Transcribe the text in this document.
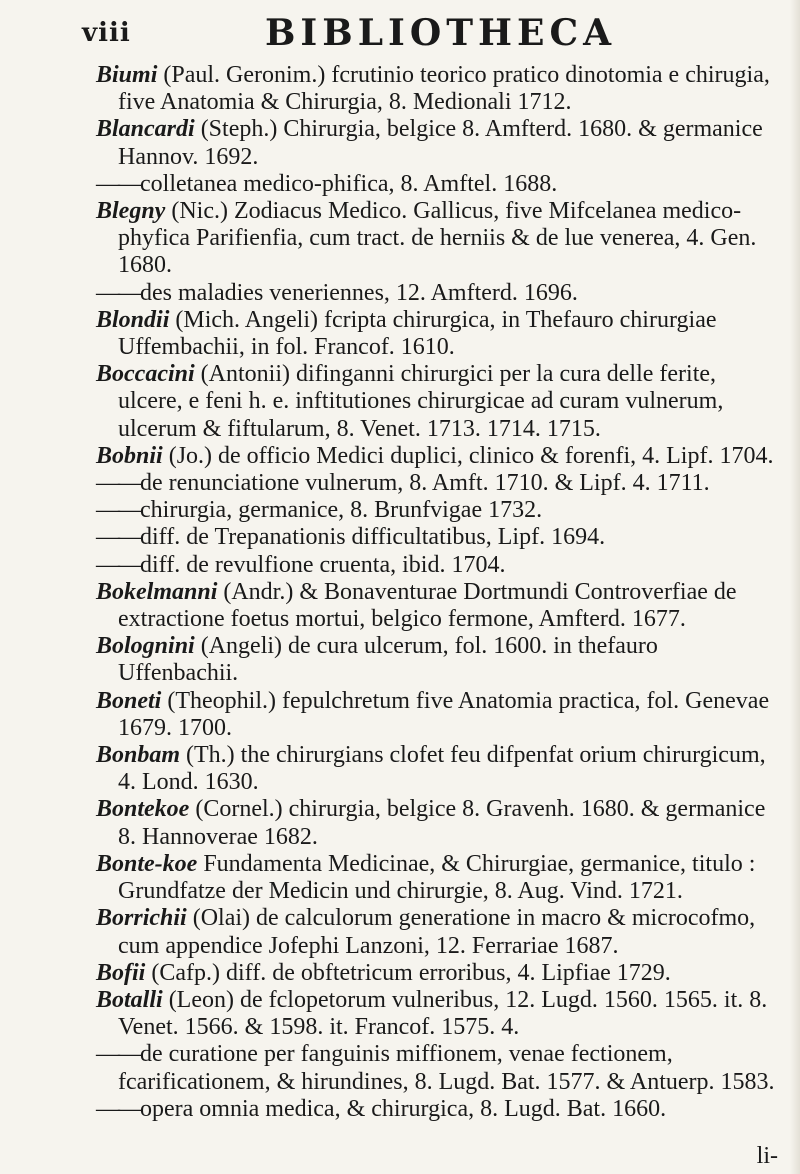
viii	BIBLIOTHECA
Biumi (Paul. Geronim.) fcrutinio teorico pratico dinotomia e chirugia, five Anatomia & Chirurgia, 8. Medionali 1712.
Blancardi (Steph.) Chirurgia, belgice 8. Amfterd. 1680. & germanice Hannov. 1692.
——colletanea medico-phifica, 8. Amftel. 1688.
Blegny (Nic.) Zodiacus Medico. Gallicus, five Mifcelanea medico-phyfica Parifienfia, cum tract. de herniis & de lue venerea, 4. Gen. 1680.
——des maladies veneriennes, 12. Amfterd. 1696.
Blondii (Mich. Angeli) fcripta chirurgica, in Thefauro chirurgiae Uffembachii, in fol. Francof. 1610.
Boccacini (Antonii) difinganni chirurgici per la cura delle ferite, ulcere, e feni h. e. inftitutiones chirurgicae ad curam vulnerum, ulcerum & fiftularum, 8. Venet. 1713. 1714. 1715.
Bobnii (Jo.) de officio Medici duplici, clinico & forenfi, 4. Lipf. 1704.
——de renunciatione vulnerum, 8. Amft. 1710. & Lipf. 4. 1711.
——chirurgia, germanice, 8. Brunfvigae 1732.
——diff. de Trepanationis difficultatibus, Lipf. 1694.
——diff. de revulfione cruenta, ibid. 1704.
Bokelmanni (Andr.) & Bonaventurae Dortmundi Controverfiae de extractione foetus mortui, belgico fermone, Amfterd. 1677.
Bolognini (Angeli) de cura ulcerum, fol. 1600. in thefauro Uffenbachii.
Boneti (Theophil.) fepulchretum five Anatomia practica, fol. Genevae 1679. 1700.
Bonbam (Th.) the chirurgians clofet feu difpenfat orium chirurgicum, 4. Lond. 1630.
Bontekoe (Cornel.) chirurgia, belgice 8. Gravenh. 1680. & germanice 8. Hannoverae 1682.
Bonte-koe Fundamenta Medicinae, & Chirurgiae, germanice, titulo : Grundfatze der Medicin und chirurgie, 8. Aug. Vind. 1721.
Borrichii (Olai) de calculorum generatione in macro & microcofmo, cum appendice Jofephi Lanzoni, 12. Ferrariae 1687.
Bofii (Cafp.) diff. de obftetricum erroribus, 4. Lipfiae 1729.
Botalli (Leon) de fclopetorum vulneribus, 12. Lugd. 1560. 1565. it. 8. Venet. 1566. & 1598. it. Francof. 1575. 4.
——de curatione per fanguinis miffionem, venae fectionem, fcarificationem, & hirundines, 8. Lugd. Bat. 1577. & Antuerp. 1583.
——opera omnia medica, & chirurgica, 8. Lugd. Bat. 1660.
li-
